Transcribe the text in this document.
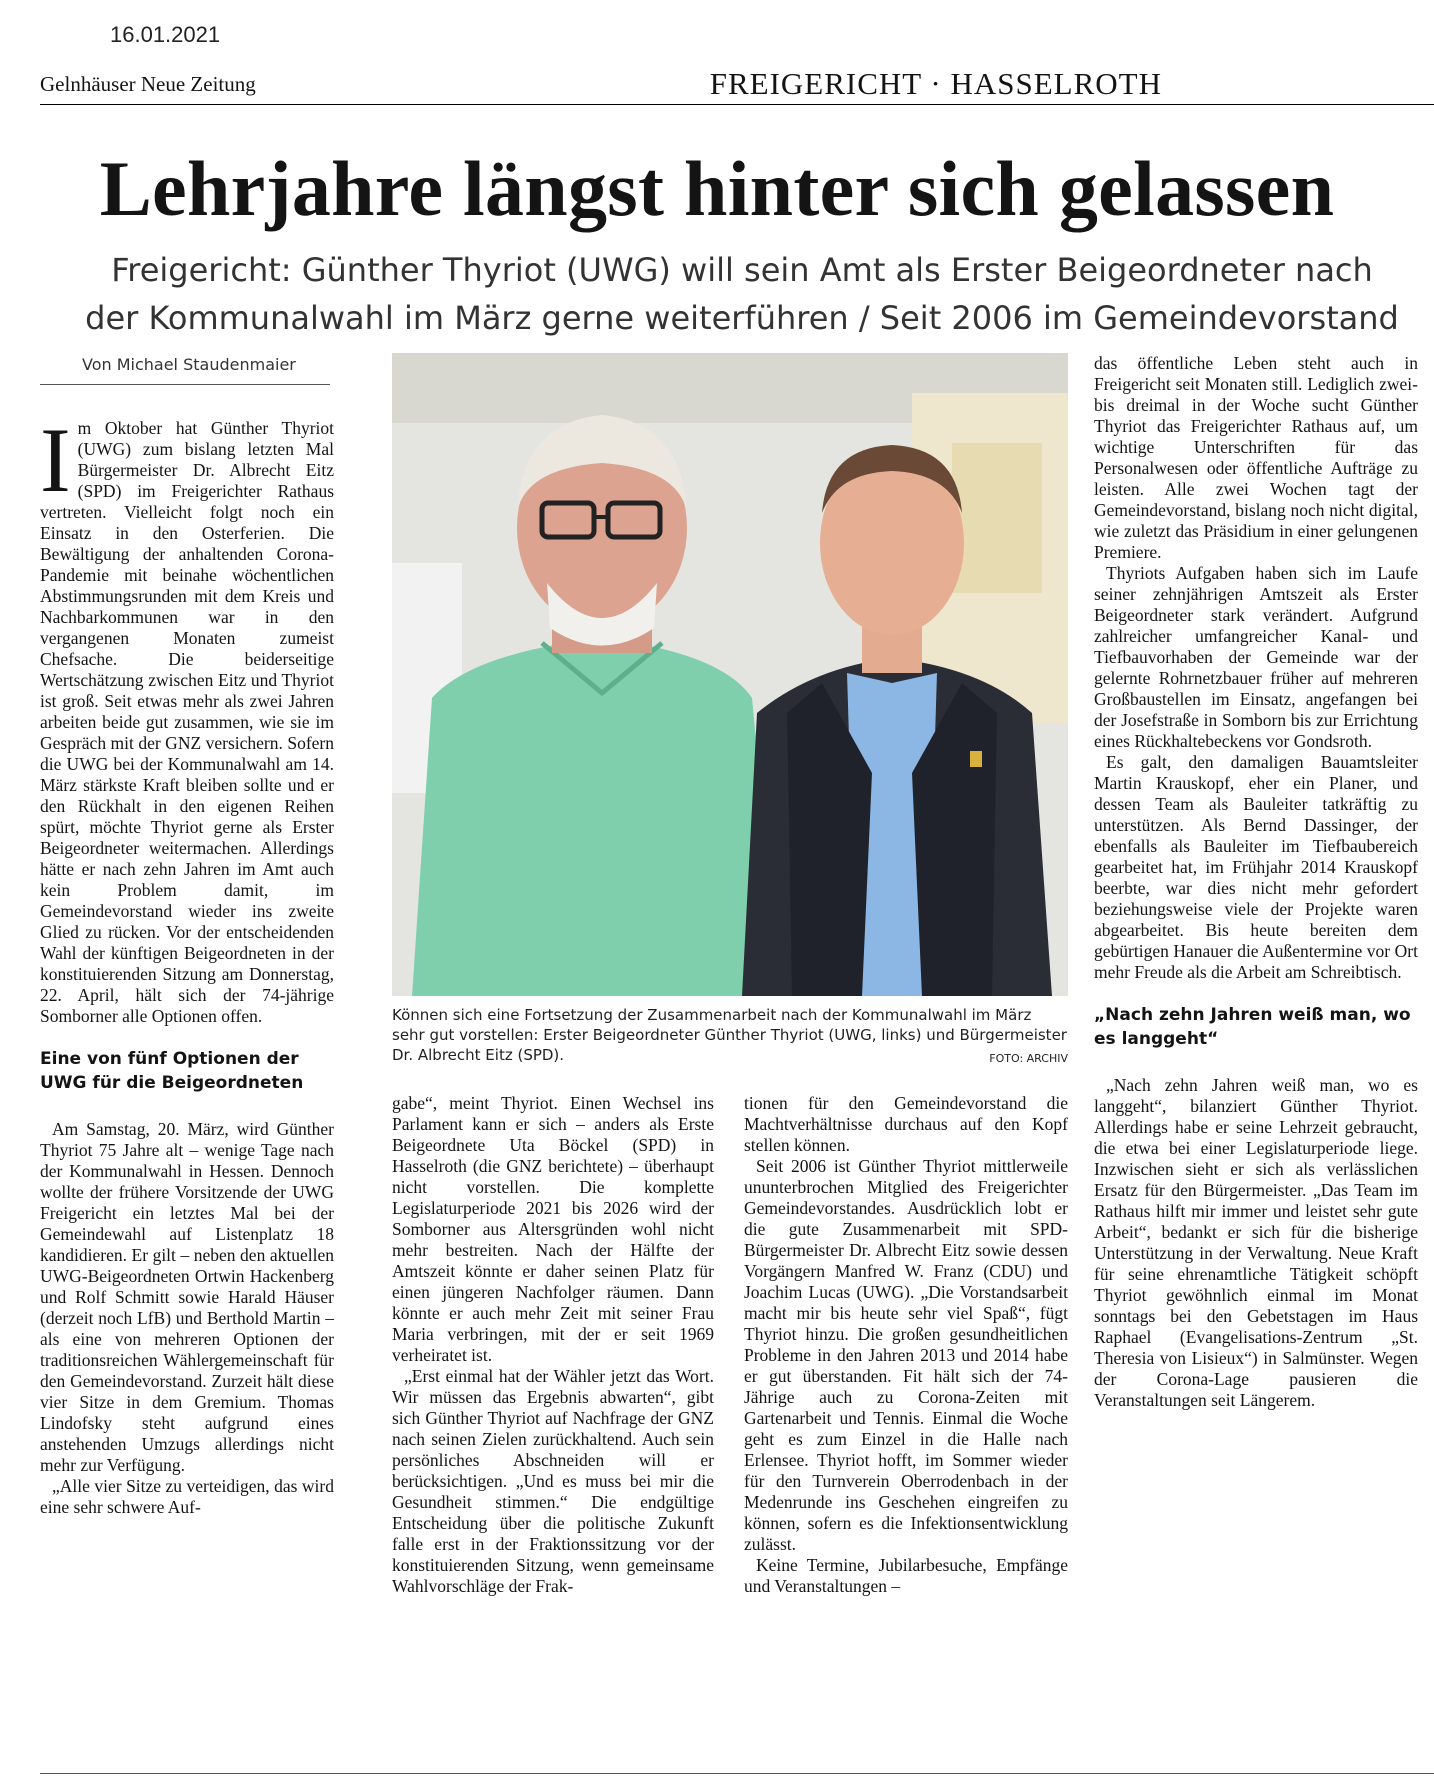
16.01.2021
Gelnhäuser Neue Zeitung	FREIGERICHT · HASSELROTH
Lehrjahre längst hinter sich gelassen
Freigericht: Günther Thyriot (UWG) will sein Amt als Erster Beigeordneter nach
der Kommunalwahl im März gerne weiterführen / Seit 2006 im Gemeindevorstand
Von Michael Staudenmaier

Im Oktober hat Günther Thyriot (UWG) zum bislang letzten Mal Bürgermeister Dr. Albrecht Eitz (SPD) im Freigerichter Rathaus vertreten. Vielleicht folgt noch ein Einsatz in den Osterferien. Die Bewältigung der anhaltenden Corona-Pandemie mit beinahe wöchentlichen Abstimmungsrunden mit dem Kreis und Nachbarkommunen war in den vergangenen Monaten zumeist Chefsache. Die beiderseitige Wertschätzung zwischen Eitz und Thyriot ist groß. Seit etwas mehr als zwei Jahren arbeiten beide gut zusammen, wie sie im Gespräch mit der GNZ versichern. Sofern die UWG bei der Kommunalwahl am 14. März stärkste Kraft bleiben sollte und er den Rückhalt in den eigenen Reihen spürt, möchte Thyriot gerne als Erster Beigeordneter weitermachen. Allerdings hätte er nach zehn Jahren im Amt auch kein Problem damit, im Gemeindevorstand wieder ins zweite Glied zu rücken. Vor der entscheidenden Wahl der künftigen Beigeordneten in der konstituierenden Sitzung am Donnerstag, 22. April, hält sich der 74-jährige Somborner alle Optionen offen.

Eine von fünf Optionen der UWG für die Beigeordneten

Am Samstag, 20. März, wird Günther Thyriot 75 Jahre alt – wenige Tage nach der Kommunalwahl in Hessen. Dennoch wollte der frühere Vorsitzende der UWG Freigericht ein letztes Mal bei der Gemeindewahl auf Listenplatz 18 kandidieren. Er gilt – neben den aktuellen UWG-Beigeordneten Ortwin Hackenberg und Rolf Schmitt sowie Harald Häuser (derzeit noch LfB) und Berthold Martin – als eine von mehreren Optionen der traditionsreichen Wählergemeinschaft für den Gemeindevorstand. Zurzeit hält diese vier Sitze in dem Gremium. Thomas Lindofsky steht aufgrund eines anstehenden Umzugs allerdings nicht mehr zur Verfügung.

„Alle vier Sitze zu verteidigen, das wird eine sehr schwere Auf-

Können sich eine Fortsetzung der Zusammenarbeit nach der Kommunalwahl im März sehr gut vorstellen: Erster Beigeordneter Günther Thyriot (UWG, links) und Bürgermeister Dr. Albrecht Eitz (SPD).	FOTO: ARCHIV

gabe“, meint Thyriot. Einen Wechsel ins Parlament kann er sich – anders als Erste Beigeordnete Uta Böckel (SPD) in Hasselroth (die GNZ berichtete) – überhaupt nicht vorstellen. Die komplette Legislaturperiode 2021 bis 2026 wird der Somborner aus Altersgründen wohl nicht mehr bestreiten. Nach der Hälfte der Amtszeit könnte er daher seinen Platz für einen jüngeren Nachfolger räumen. Dann könnte er auch mehr Zeit mit seiner Frau Maria verbringen, mit der er seit 1969 verheiratet ist.

„Erst einmal hat der Wähler jetzt das Wort. Wir müssen das Ergebnis abwarten“, gibt sich Günther Thyriot auf Nachfrage der GNZ nach seinen Zielen zurückhaltend. Auch sein persönliches Abschneiden will er berücksichtigen. „Und es muss bei mir die Gesundheit stimmen.“ Die endgültige Entscheidung über die politische Zukunft falle erst in der Fraktionssitzung vor der konstituierenden Sitzung, wenn gemeinsame Wahlvorschläge der Frak-

tionen für den Gemeindevorstand die Machtverhältnisse durchaus auf den Kopf stellen können.

Seit 2006 ist Günther Thyriot mittlerweile ununterbrochen Mitglied des Freigerichter Gemeindevorstandes. Ausdrücklich lobt er die gute Zusammenarbeit mit SPD-Bürgermeister Dr. Albrecht Eitz sowie dessen Vorgängern Manfred W. Franz (CDU) und Joachim Lucas (UWG). „Die Vorstandsarbeit macht mir bis heute sehr viel Spaß“, fügt Thyriot hinzu. Die großen gesundheitlichen Probleme in den Jahren 2013 und 2014 habe er gut überstanden. Fit hält sich der 74-Jährige auch zu Corona-Zeiten mit Gartenarbeit und Tennis. Einmal die Woche geht es zum Einzel in die Halle nach Erlensee. Thyriot hofft, im Sommer wieder für den Turnverein Oberrodenbach in der Medenrunde ins Geschehen eingreifen zu können, sofern es die Infektionsentwicklung zulässt.

Keine Termine, Jubilarbesuche, Empfänge und Veranstaltungen –

das öffentliche Leben steht auch in Freigericht seit Monaten still. Lediglich zwei- bis dreimal in der Woche sucht Günther Thyriot das Freigerichter Rathaus auf, um wichtige Unterschriften für das Personalwesen oder öffentliche Aufträge zu leisten. Alle zwei Wochen tagt der Gemeindevorstand, bislang noch nicht digital, wie zuletzt das Präsidium in einer gelungenen Premiere.

Thyriots Aufgaben haben sich im Laufe seiner zehnjährigen Amtszeit als Erster Beigeordneter stark verändert. Aufgrund zahlreicher umfangreicher Kanal- und Tiefbauvorhaben der Gemeinde war der gelernte Rohrnetzbauer früher auf mehreren Großbaustellen im Einsatz, angefangen bei der Josefstraße in Somborn bis zur Errichtung eines Rückhaltebeckens vor Gondsroth.

Es galt, den damaligen Bauamtsleiter Martin Krauskopf, eher ein Planer, und dessen Team als Bauleiter tatkräftig zu unterstützen. Als Bernd Dassinger, der ebenfalls als Bauleiter im Tiefbaubereich gearbeitet hat, im Frühjahr 2014 Krauskopf beerbte, war dies nicht mehr gefordert beziehungsweise viele der Projekte waren abgearbeitet. Bis heute bereiten dem gebürtigen Hanauer die Außentermine vor Ort mehr Freude als die Arbeit am Schreibtisch.

„Nach zehn Jahren weiß man, wo es langgeht“

„Nach zehn Jahren weiß man, wo es langgeht“, bilanziert Günther Thyriot. Allerdings habe er seine Lehrzeit gebraucht, die etwa bei einer Legislaturperiode liege. Inzwischen sieht er sich als verlässlichen Ersatz für den Bürgermeister. „Das Team im Rathaus hilft mir immer und leistet sehr gute Arbeit“, bedankt er sich für die bisherige Unterstützung in der Verwaltung. Neue Kraft für seine ehrenamtliche Tätigkeit schöpft Thyriot gewöhnlich einmal im Monat sonntags bei den Gebetstagen im Haus Raphael (Evangelisations-Zentrum „St. Theresia von Lisieux“) in Salmünster. Wegen der Corona-Lage pausieren die Veranstaltungen seit Längerem.
